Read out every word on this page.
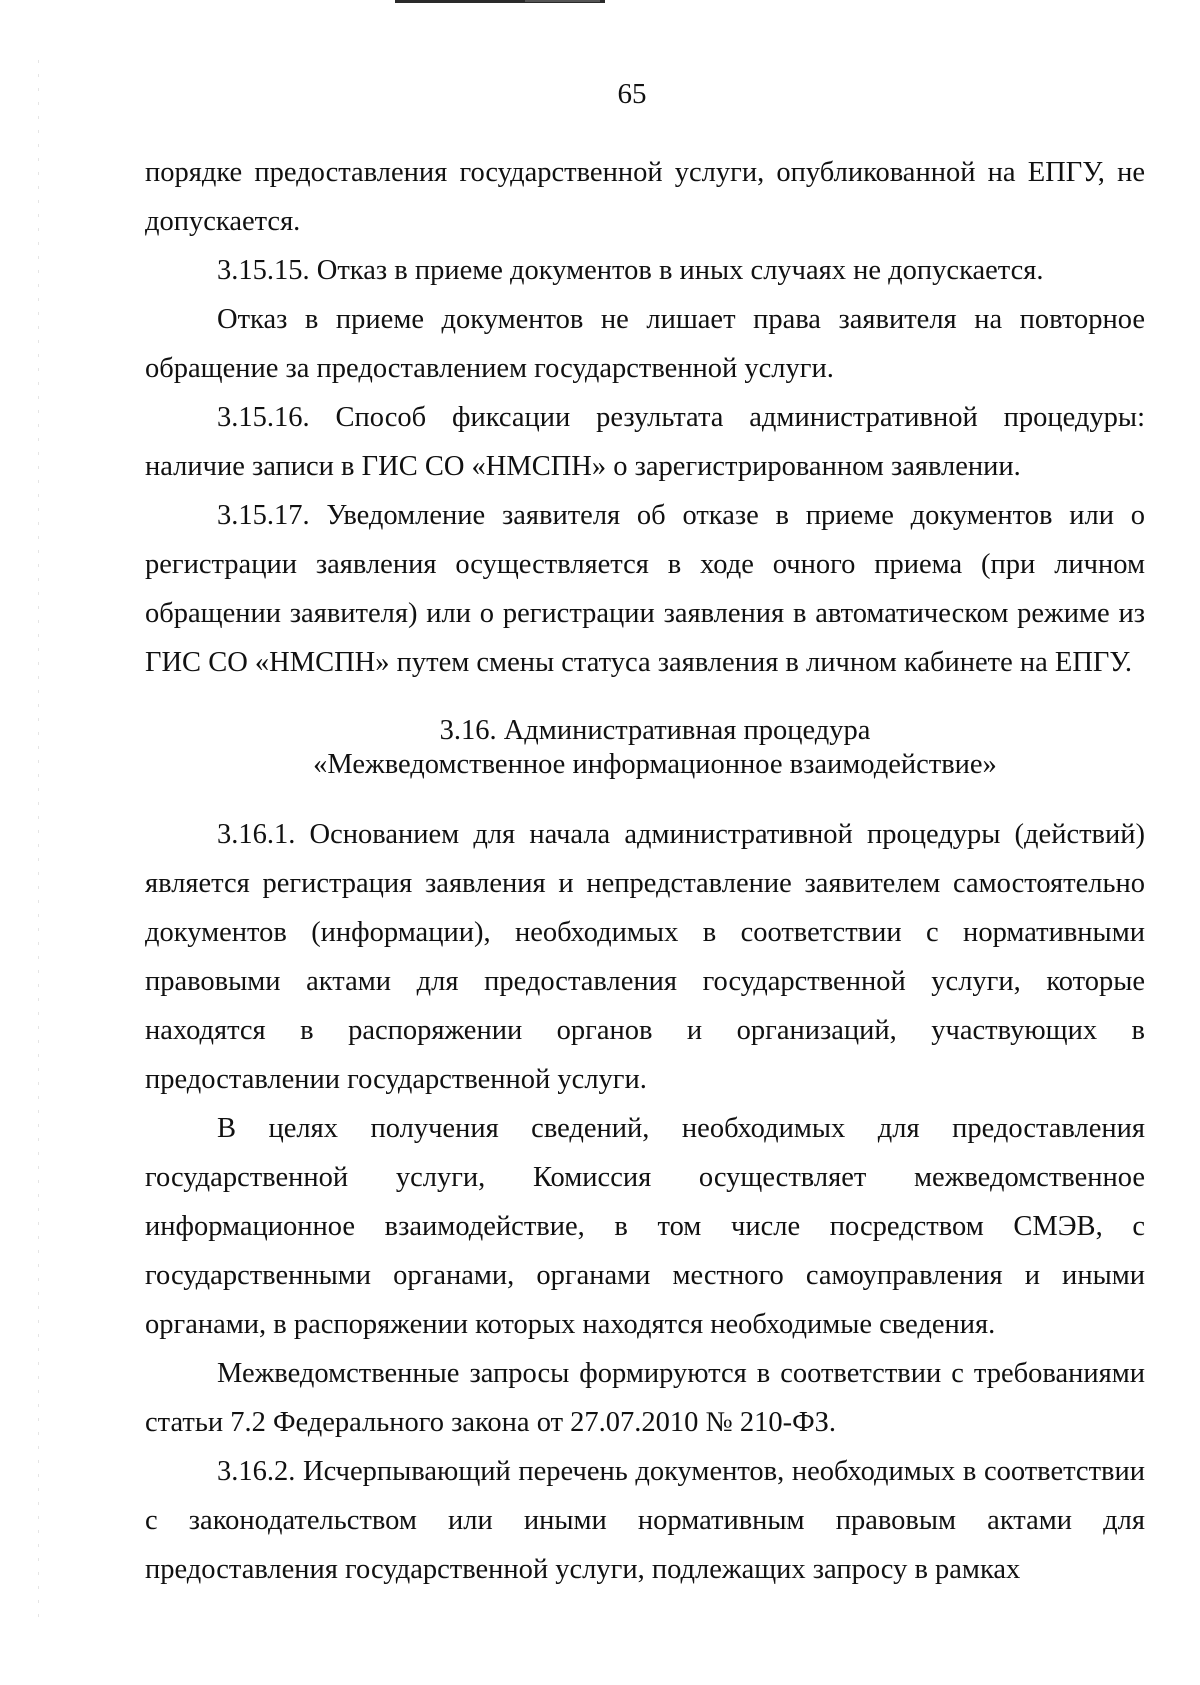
65

порядке предоставления государственной услуги, опубликованной на ЕПГУ, не допускается.

3.15.15. Отказ в приеме документов в иных случаях не допускается.

Отказ в приеме документов не лишает права заявителя на повторное обращение за предоставлением государственной услуги.

3.15.16. Способ фиксации результата административной процедуры: наличие записи в ГИС СО «НМСПН» о зарегистрированном заявлении.

3.15.17. Уведомление заявителя об отказе в приеме документов или о регистрации заявления осуществляется в ходе очного приема (при личном обращении заявителя) или о регистрации заявления в автоматическом режиме из ГИС СО «НМСПН» путем смены статуса заявления в личном кабинете на ЕПГУ.

3.16. Административная процедура
«Межведомственное информационное взаимодействие»

3.16.1. Основанием для начала административной процедуры (действий) является регистрация заявления и непредставление заявителем самостоятельно документов (информации), необходимых в соответствии с нормативными правовыми актами для предоставления государственной услуги, которые находятся в распоряжении органов и организаций, участвующих в предоставлении государственной услуги.

В целях получения сведений, необходимых для предоставления государственной услуги, Комиссия осуществляет межведомственное информационное взаимодействие, в том числе посредством СМЭВ, с государственными органами, органами местного самоуправления и иными органами, в распоряжении которых находятся необходимые сведения.

Межведомственные запросы формируются в соответствии с требованиями статьи 7.2 Федерального закона от 27.07.2010 № 210-ФЗ.

3.16.2. Исчерпывающий перечень документов, необходимых в соответствии с законодательством или иными нормативным правовым актами для предоставления государственной услуги, подлежащих запросу в рамках
